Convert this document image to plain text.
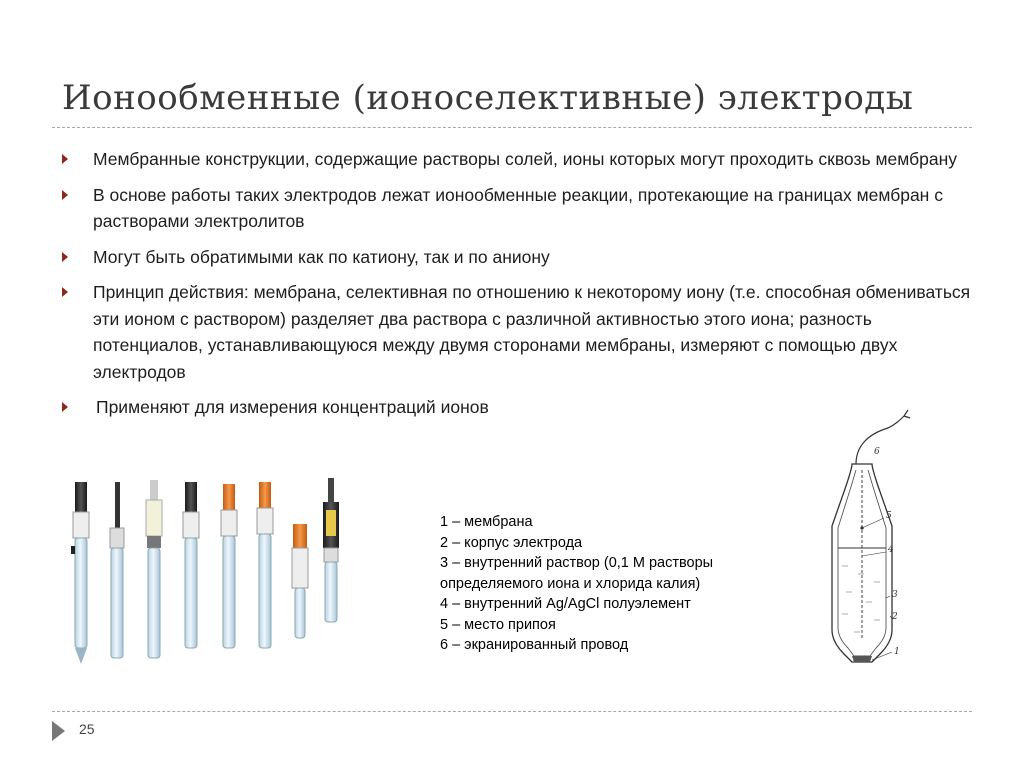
Ионообменные (ионоселективные) электроды
Мембранные конструкции, содержащие растворы солей, ионы которых могут проходить сквозь мембрану
В основе работы таких электродов лежат ионообменные реакции, протекающие на границах мембран с растворами электролитов
Могут быть обратимыми как по катиону, так и по аниону
Принцип действия: мембрана, селективная по отношению к некоторому иону (т.е. способная обмениваться эти ионом с раствором) разделяет два раствора с различной активностью этого иона; разность потенциалов, устанавливающуюся между двумя сторонами мембраны, измеряют с помощью двух электродов
Применяют для измерения концентраций ионов
1 – мембрана
2 – корпус электрода
3 – внутренний раствор (0,1 М растворы
определяемого иона и хлорида калия)
4 – внутренний Ag/AgCl полуэлемент
5 – место припоя
6 – экранированный провод
6
5
4
3
2
1
25
